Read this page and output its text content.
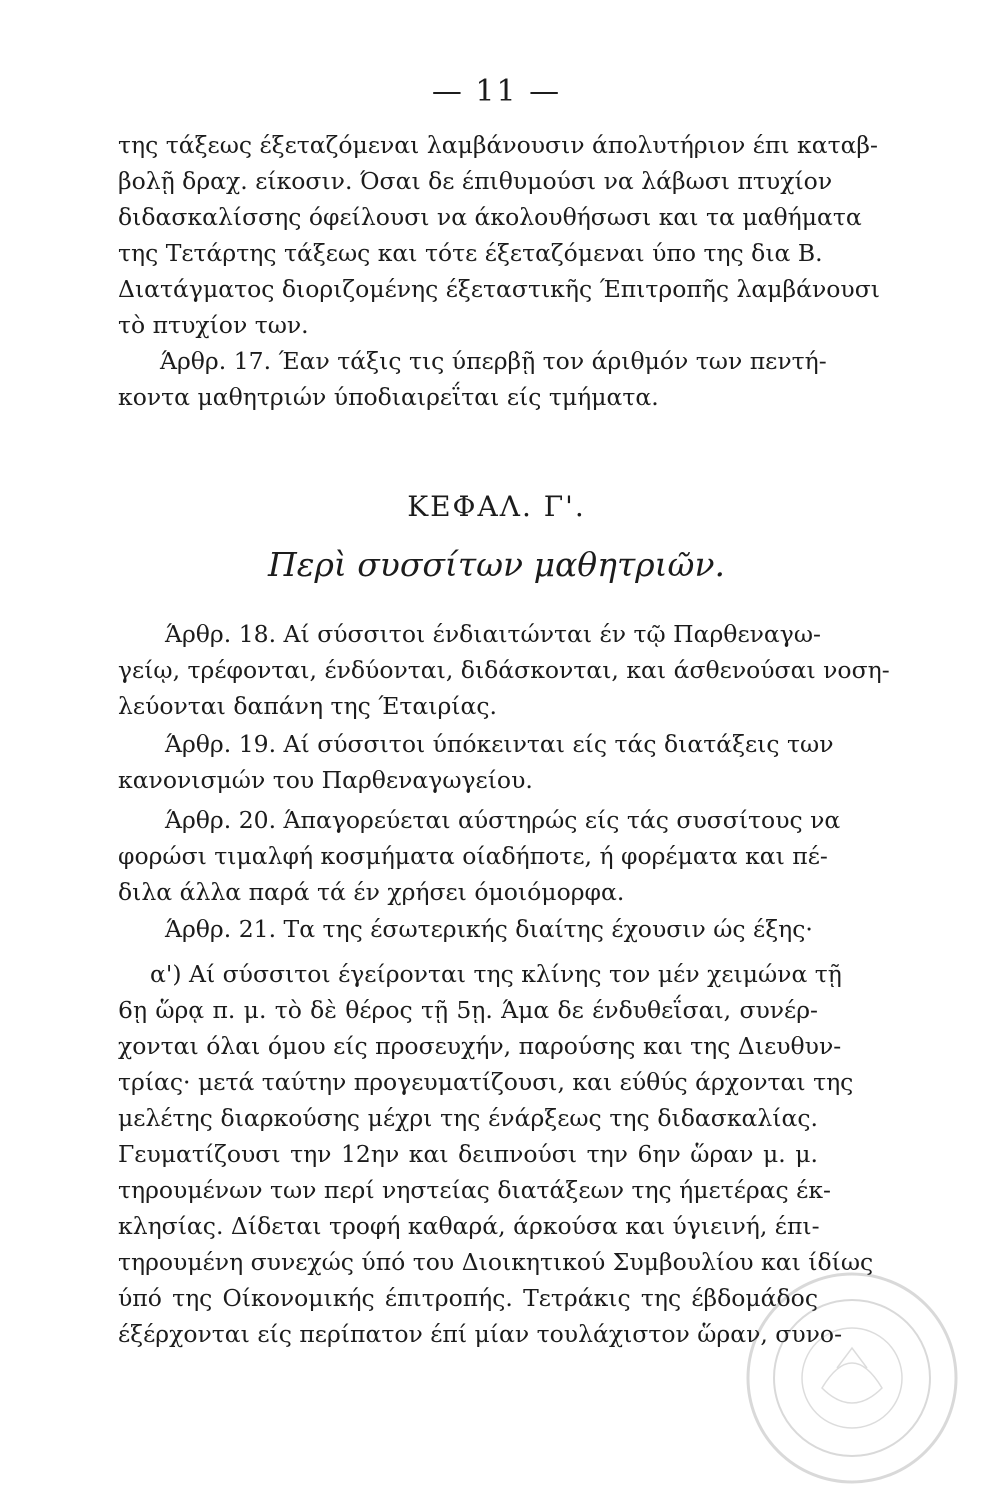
— 11 —
της τάξεως έξεταζόμεναι λαμβάνουσιν άπολυτήριον έπι καταβ-
βολῇ δραχ. είκοσιν. Όσαι δε έπιθυμούσι να λάβωσι πτυχίον
διδασκαλίσσης όφείλουσι να άκολουθήσωσι και τα μαθήματα
της Τετάρτης τάξεως και τότε έξεταζόμεναι ύπο της δια Β.
Διατάγματος διοριζομένης έξεταστικῆς Έπιτροπῆς λαμβάνουσι
τὸ πτυχίον των.
Άρθρ. 17. Έαν τάξις τις ύπερβῇ τον άριθμόν των πεντή-
κοντα μαθητριών ύποδιαιρεΐται είς τμήματα.
ΚΕΦΑΛ. Γ'.
Περὶ συσσίτων μαθητριῶν.
Άρθρ. 18. Αί σύσσιτοι ένδιαιτώνται έν τῷ Παρθεναγω-
γείῳ, τρέφονται, ένδύονται, διδάσκονται, και άσθενούσαι νοση-
λεύονται δαπάνη της Έταιρίας.
Άρθρ. 19. Αί σύσσιτοι ύπόκεινται είς τάς διατάξεις των
κανονισμών του Παρθεναγωγείου.
Άρθρ. 20. Άπαγορεύεται αύστηρώς είς τάς συσσίτους να
φορώσι τιμαλφή κοσμήματα οίαδήποτε, ή φορέματα και πέ-
διλα άλλα παρά τά έν χρήσει όμοιόμορφα.
Άρθρ. 21. Τα της έσωτερικής διαίτης έχουσιν ώς έξης·
α') Αί σύσσιτοι έγείρονται της κλίνης τον μέν χειμώνα τῇ
6ῃ ὥρᾳ π. μ. τὸ δὲ θέρος τῇ 5ῃ. Άμα δε ένδυθεΐσαι, συνέρ-
χονται όλαι όμου είς προσευχήν, παρούσης και της Διευθυν-
τρίας· μετά ταύτην προγευματίζουσι, και εύθύς άρχονται της
μελέτης διαρκούσης μέχρι της ένάρξεως της διδασκαλίας.
Γευματίζουσι την 12ην και δειπνούσι την 6ην ὥραν μ. μ.
τηρουμένων των περί νηστείας διατάξεων της ήμετέρας έκ-
κλησίας. Δίδεται τροφή καθαρά, άρκούσα και ύγιεινή, έπι-
τηρουμένη συνεχώς ύπό του Διοικητικού Συμβουλίου και ίδίως
ύπό της Οίκονομικής έπιτροπής. Τετράκις της έβδομάδος
έξέρχονται είς περίπατον έπί μίαν τουλάχιστον ὥραν, συνο-
